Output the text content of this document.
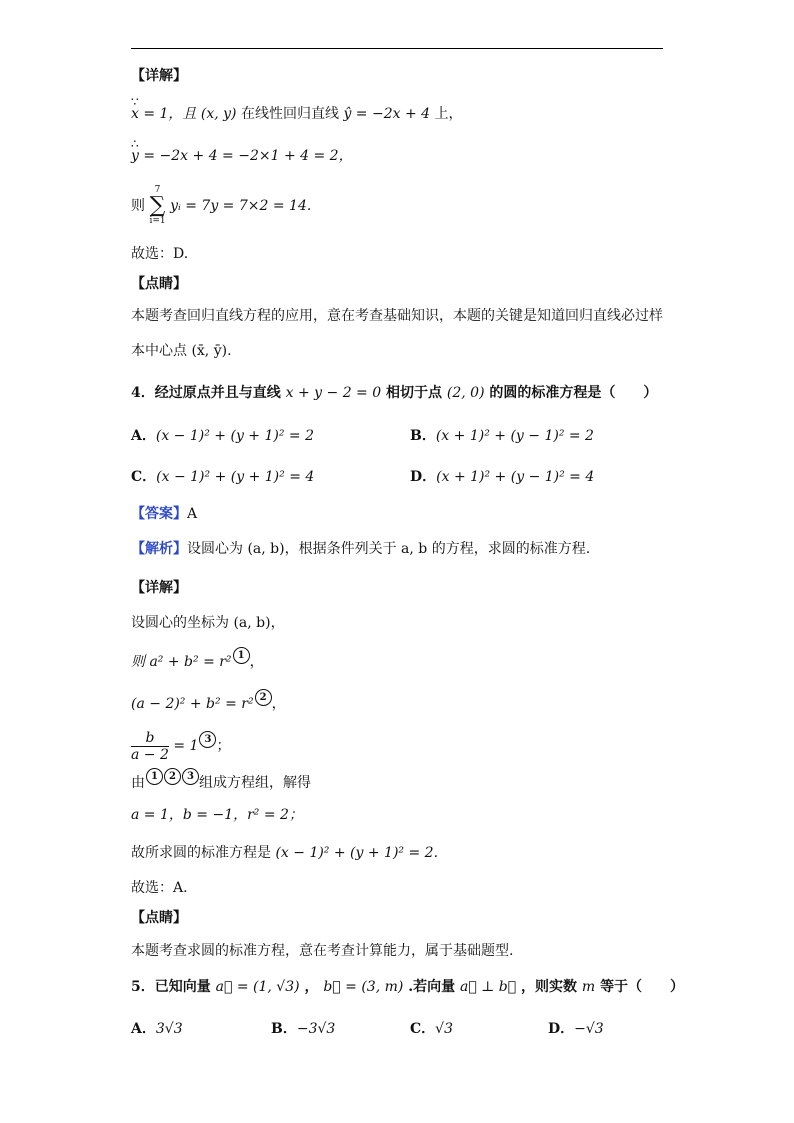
【详解】
∵
x = 1，且 (x, y) 在线性回归直线 ŷ = −2x + 4 上，
∴
y = −2x + 4 = −2×1 + 4 = 2，
则 7
∑
i=1 yᵢ = 7y = 7×2 = 14.
故选：D.
【点睛】
本题考查回归直线方程的应用，意在考查基础知识，本题的关键是知道回归直线必过样
本中心点 (x̄, ȳ).
4．经过原点并且与直线 x + y − 2 = 0 相切于点 (2, 0) 的圆的标准方程是（　　）
A．(x − 1)² + (y + 1)² = 2	B．(x + 1)² + (y − 1)² = 2
C．(x − 1)² + (y + 1)² = 4	D．(x + 1)² + (y − 1)² = 4
【答案】A
【解析】设圆心为 (a, b)，根据条件列关于 a, b 的方程，求圆的标准方程.
【详解】
设圆心的坐标为 (a, b)，
则 a² + b² = r² 1 ，
(a − 2)² + b² = r² 2 ，
$\frac{b}{a - 2} = 1$ 3 ；
由 1 2 3 组成方程组，解得
a = 1，b = −1，r² = 2；
故所求圆的标准方程是 (x − 1)² + (y + 1)² = 2.
故选：A.
【点睛】
本题考查求圆的标准方程，意在考查计算能力，属于基础题型.
5．已知向量 a⃗ = (1, √3) ， b⃗ = (3, m) .若向量 a⃗ ⊥ b⃗ ，则实数 m 等于（　　）
A．3√3	B．−3√3	C．√3	D．−√3
